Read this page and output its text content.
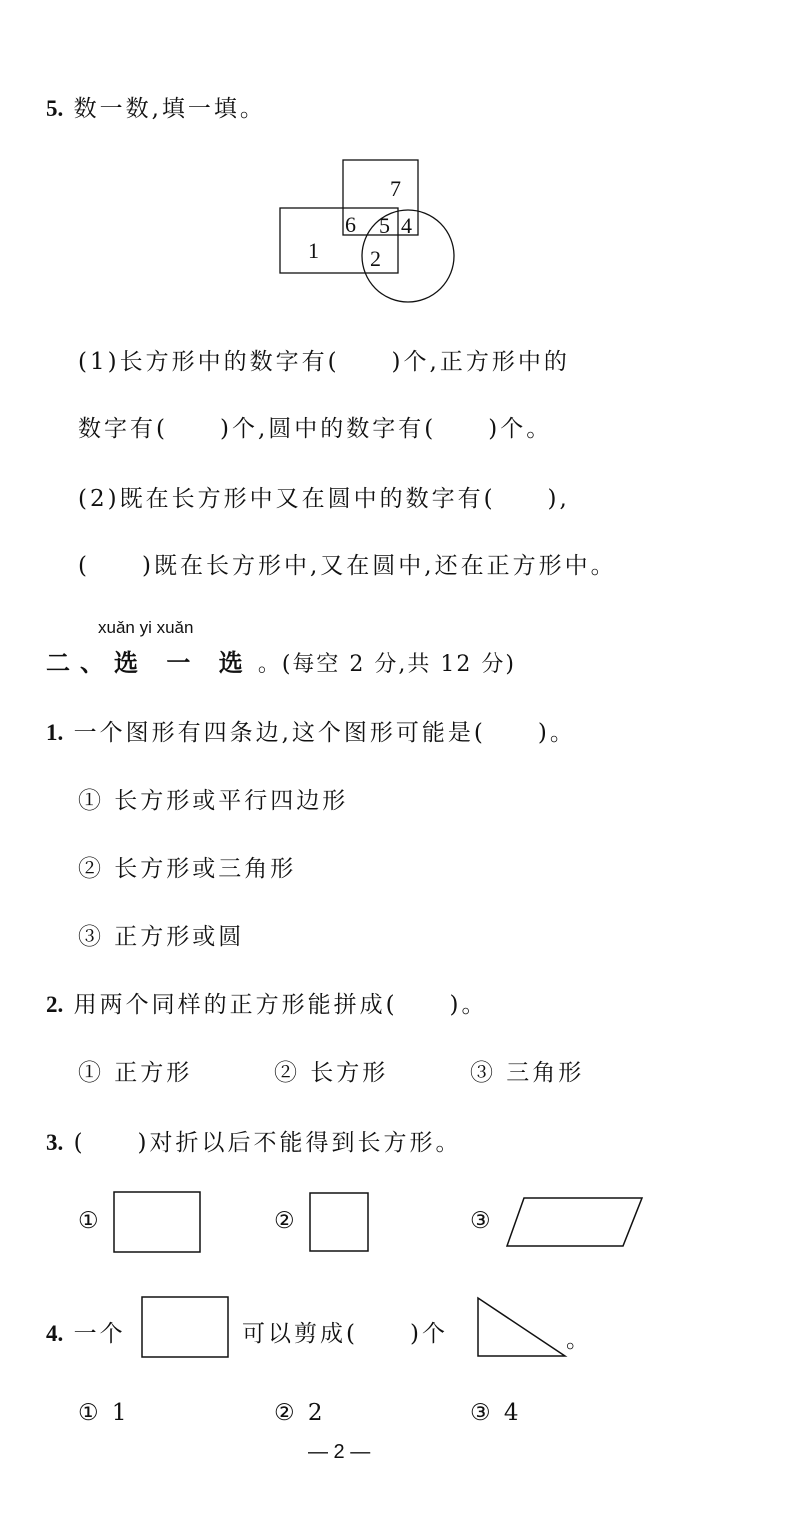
5. 数一数,填一填。
7
6 5 4
1 2
(1)长方形中的数字有(　　)个,正方形中的
数字有(　　)个,圆中的数字有(　　)个。
(2)既在长方形中又在圆中的数字有(　　),
(　　)既在长方形中,又在圆中,还在正方形中。
xuǎn yi xuǎn
二、选 一 选 。(每空 2 分,共 12 分)
1. 一个图形有四条边,这个图形可能是(　　)。
① 长方形或平行四边形
② 长方形或三角形
③ 正方形或圆
2. 用两个同样的正方形能拼成(　　)。
① 正方形	② 长方形	③ 三角形
3. (　　)对折以后不能得到长方形。
①	②	③
4. 一个	可以剪成(　　)个	。
① 1	② 2	③ 4
— 2 —
